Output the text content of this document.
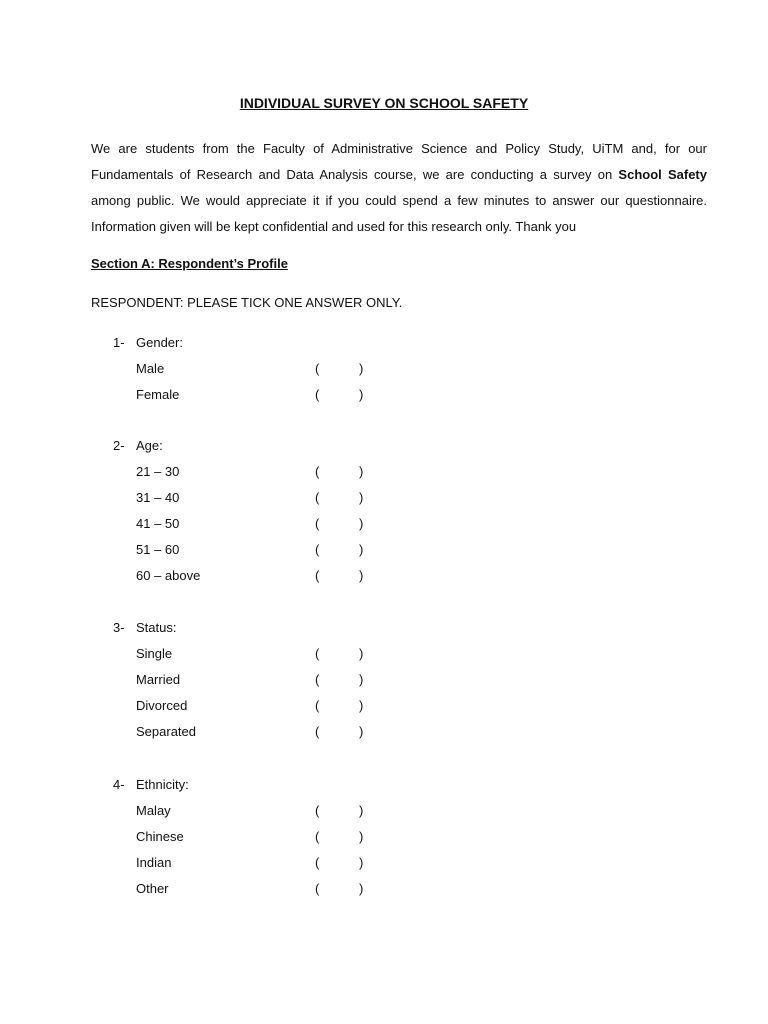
INDIVIDUAL SURVEY ON SCHOOL SAFETY

We are students from the Faculty of Administrative Science and Policy Study, UiTM and, for our Fundamentals of Research and Data Analysis course, we are conducting a survey on School Safety among public. We would appreciate it if you could spend a few minutes to answer our questionnaire. Information given will be kept confidential and used for this research only. Thank you

Section A: Respondent’s Profile
RESPONDENT: PLEASE TICK ONE ANSWER ONLY.
1- Gender:
Male	(	)
Female	(	)
2- Age:
21 – 30	(	)
31 – 40	(	)
41 – 50	(	)
51 – 60	(	)
60 – above	(	)
3- Status:
Single	(	)
Married	(	)
Divorced	(	)
Separated	(	)
4- Ethnicity:
Malay	(	)
Chinese	(	)
Indian	(	)
Other	(	)
